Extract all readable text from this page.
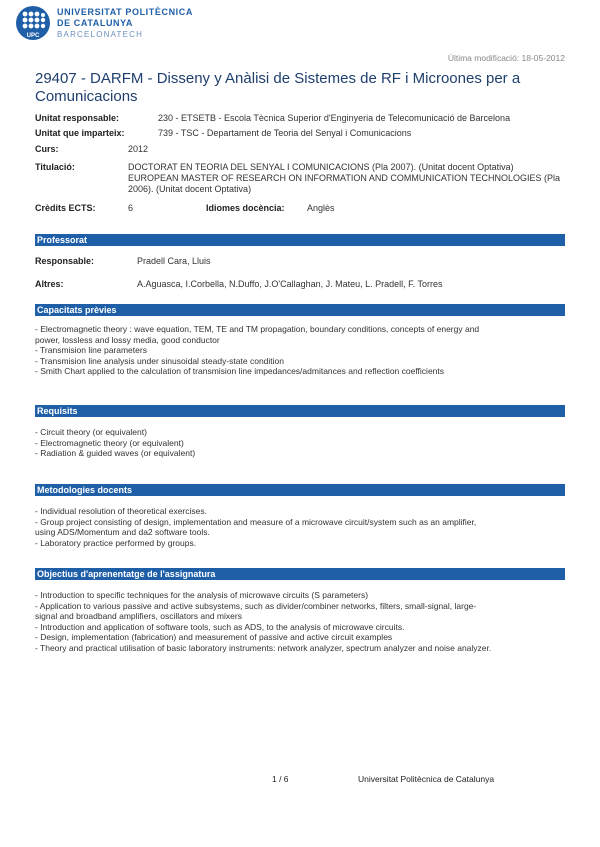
UPC
UNIVERSITAT POLITÈCNICA
DE CATALUNYA
BARCELONATECH
Última modificació: 18-05-2012
29407 - DARFM - Disseny y Anàlisi de Sistemes de RF i Microones per a Comunicacions
Unitat responsable:	230 - ETSETB - Escola Tècnica Superior d'Enginyeria de Telecomunicació de Barcelona
Unitat que imparteix:	739 - TSC - Departament de Teoria del Senyal i Comunicacions
Curs:	2012
Titulació:	DOCTORAT EN TEORIA DEL SENYAL I COMUNICACIONS (Pla 2007). (Unitat docent Optativa)
EUROPEAN MASTER OF RESEARCH ON INFORMATION AND COMMUNICATION TECHNOLOGIES (Pla
2006). (Unitat docent Optativa)
Crèdits ECTS:	6	Idiomes docència: Anglès
Professorat
Responsable:	Pradell Cara, Lluis
Altres:	A.Aguasca, I.Corbella, N.Duffo, J.O'Callaghan, J. Mateu, L. Pradell, F. Torres
Capacitats prèvies
- Electromagnetic theory : wave equation, TEM, TE and TM propagation, boundary conditions, concepts of energy and
power, lossless and lossy media, good conductor
- Transmision line parameters
- Transmision line analysis under sinusoidal steady-state condition
- Smith Chart applied to the calculation of transmision line impedances/admitances and reflection coefficients
Requisits
- Circuit theory (or equivalent)
- Electromagnetic theory (or equivalent)
- Radiation & guided waves (or equivalent)
Metodologies docents
- Individual resolution of theoretical exercises.
- Group project consisting of design, implementation and measure of a microwave circuit/system such as an amplifier,
using ADS/Momentum and da2 software tools.
- Laboratory practice performed by groups.
Objectius d'aprenentatge de l'assignatura
- Introduction to specific techniques for the analysis of microwave circuits (S parameters)
- Application to various passive and active subsystems, such as divider/combiner networks, filters, small-signal, large-
signal and broadband amplifiers, oscillators and mixers
- Introduction and application of software tools, such as ADS, to the analysis of microwave circuits.
- Design, implementation (fabrication) and measurement of passive and active circuit examples
- Theory and practical utilisation of basic laboratory instruments: network analyzer, spectrum analyzer and noise analyzer.
1 / 6	Universitat Politècnica de Catalunya
